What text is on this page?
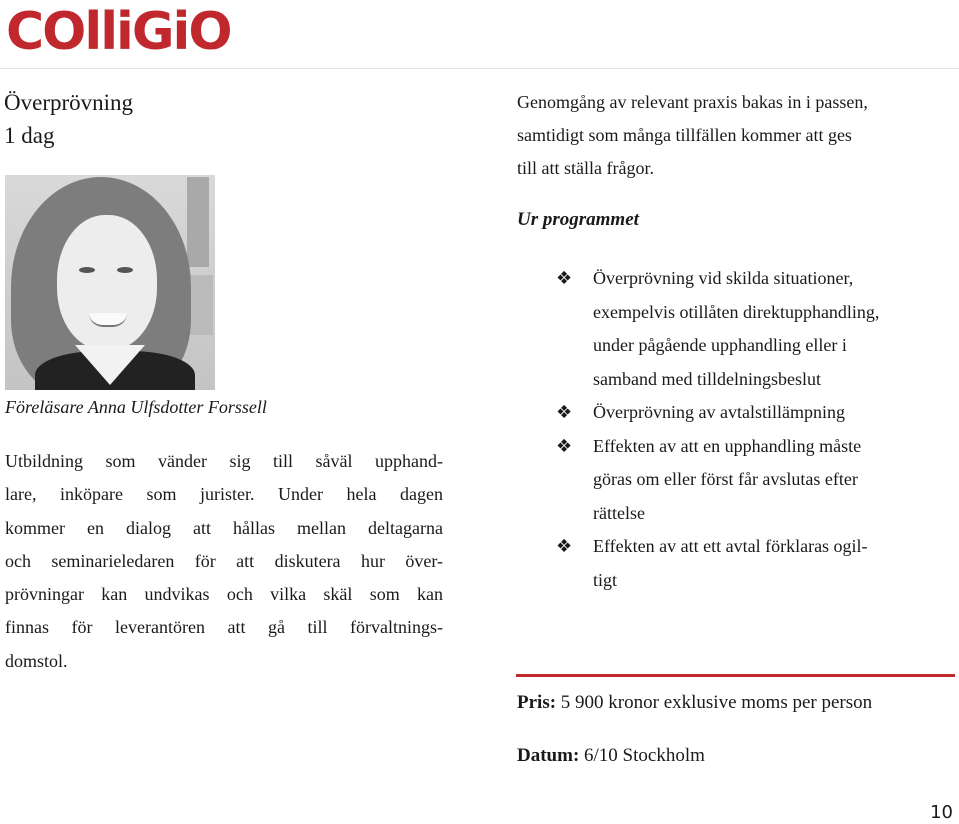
COlliGiO
Överprövning
1 dag
Föreläsare Anna Ulfsdotter Forssell

Utbildning som vänder sig till såväl upphand-
lare, inköpare som jurister. Under hela dagen
kommer en dialog att hållas mellan deltagarna
och seminarieledaren för att diskutera hur över-
prövningar kan undvikas och vilka skäl som kan
finnas för leverantören att gå till förvaltnings-
domstol.

Genomgång av relevant praxis bakas in i passen,
samtidigt som många tillfällen kommer att ges
till att ställa frågor.
Ur programmet
❖ Överprövning vid skilda situationer,
exempelvis otillåten direktupphandling,
under pågående upphandling eller i
samband med tilldelningsbeslut
❖ Överprövning av avtalstillämpning
❖ Effekten av att en upphandling måste
göras om eller först får avslutas efter
rättelse
❖ Effekten av att ett avtal förklaras ogil-
tigt
Pris: 5 900 kronor exklusive moms per person
Datum: 6/10 Stockholm
10
